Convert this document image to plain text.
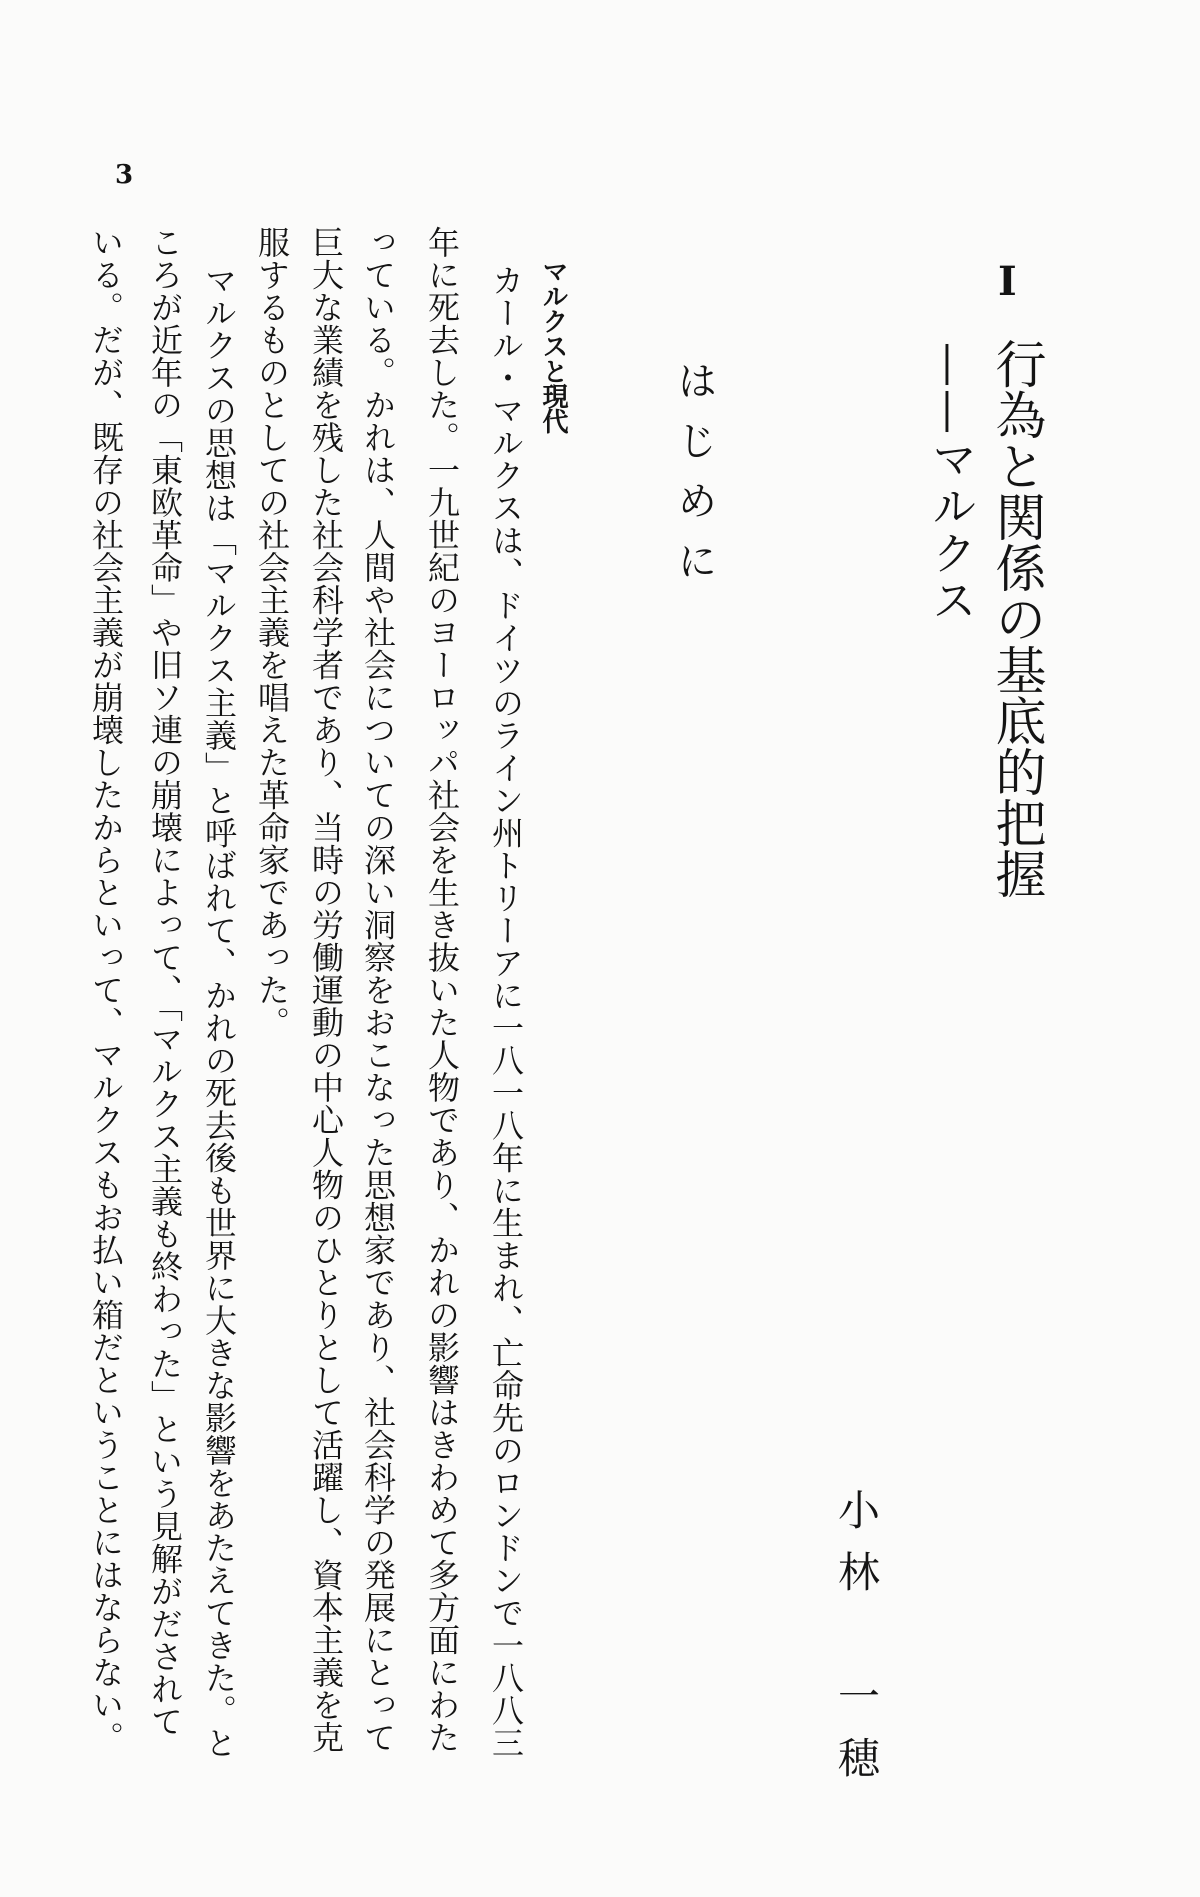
3
I
行為と関係の基底的把握
——マルクス
小林　一穂
はじめに
マルクスと現代
カール・マルクスは、ドイツのライン州トリーアに一八一八年に生まれ、亡命先のロンドンで一八八三
年に死去した。一九世紀のヨーロッパ社会を生き抜いた人物であり、かれの影響はきわめて多方面にわた
っている。かれは、人間や社会についての深い洞察をおこなった思想家であり、社会科学の発展にとって
巨大な業績を残した社会科学者であり、当時の労働運動の中心人物のひとりとして活躍し、資本主義を克
服するものとしての社会主義を唱えた革命家であった。
マルクスの思想は「マルクス主義」と呼ばれて、かれの死去後も世界に大きな影響をあたえてきた。と
ころが近年の「東欧革命」や旧ソ連の崩壊によって、「マルクス主義も終わった」という見解がだされて
いる。だが、既存の社会主義が崩壊したからといって、マルクスもお払い箱だということにはならない。
